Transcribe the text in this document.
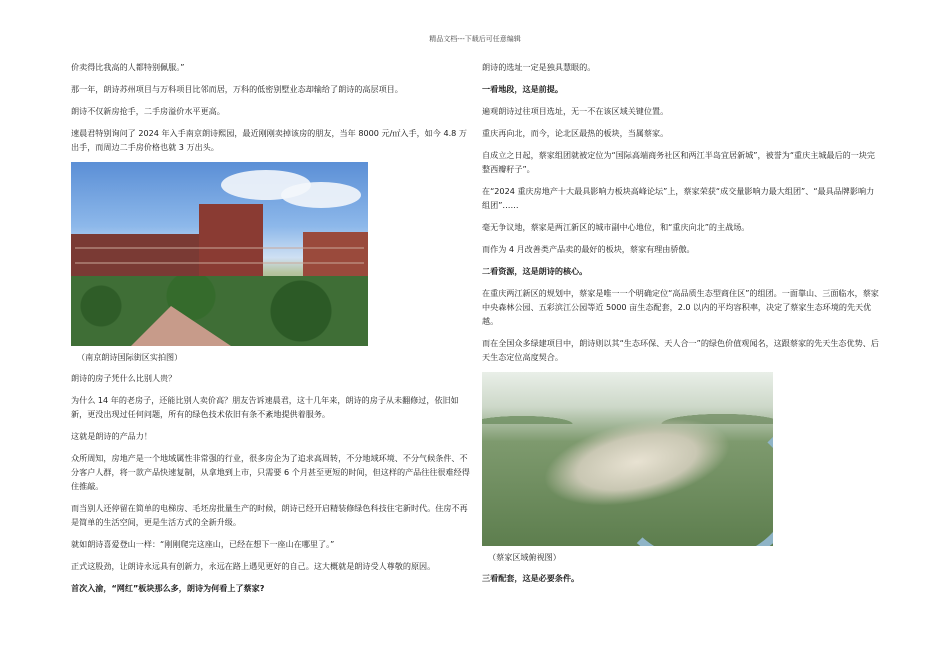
精品文档---下载后可任意编辑

价卖得比我高的人都特别佩服。”

那一年，朗诗苏州项目与万科项目比邻而居，万科的低密别墅业态却输给了朗诗的高层项目。

朗诗不仅新房抢手，二手房溢价水平更高。

速晨君特别询问了 2024 年入手南京朗诗熙园，最近刚刚卖掉该房的朋友，当年 8000 元/㎡入手，如今 4.8 万出手，而周边二手房价格也就 3 万出头。

（南京朗诗国际街区实拍图）

朗诗的房子凭什么比别人贵？

为什么 14 年的老房子，还能比别人卖价高？朋友告诉速晨君，这十几年来，朗诗的房子从未翻修过，依旧如新，更没出现过任何问题，所有的绿色技术依旧有条不紊地提供着服务。

这就是朗诗的产品力！

众所周知，房地产是一个地域属性非常强的行业，很多房企为了追求高周转，不分地域环境、不分气候条件、不分客户人群，将一款产品快速复制，从拿地到上市，只需要 6 个月甚至更短的时间，但这样的产品往往很难经得住推敲。

而当别人还停留在简单的电梯房、毛坯房批量生产的时候，朗诗已经开启精装修绿色科技住宅新时代。住房不再是简单的生活空间，更是生活方式的全新升级。

就如朗诗喜爱登山一样：“刚刚爬完这座山，已经在想下一座山在哪里了。”

正式这股劲，让朗诗永远具有创新力，永远在路上遇见更好的自己。这大概就是朗诗受人尊敬的原因。

首次入渝，“网红”板块那么多，朗诗为何看上了蔡家?

朗诗的选址一定是独具慧眼的。

一看地段，这是前提。

遍观朗诗过往项目选址，无一不在该区域关键位置。

重庆再向北，而今，论北区最热的板块，当属蔡家。

自成立之日起，蔡家组团就被定位为“国际高端商务社区和两江半岛宜居新城”，被誉为“重庆主城最后的一块完整西瓣籽子”。

在“2024 重庆房地产十大最具影响力板块高峰论坛”上，蔡家荣获“成交量影响力最大组团”、“最具品牌影响力组团”……

毫无争议地，蔡家是两江新区的城市副中心地位，和“重庆向北”的主战场。

而作为 4 月改善类产品卖的最好的板块，蔡家有理由骄傲。

二看资源，这是朗诗的核心。

在重庆两江新区的规划中，蔡家是唯一一个明确定位“高品质生态型商住区”的组团。一面靠山、三面临水，蔡家中央森林公园、五彩滨江公园等近 5000 亩生态配套，2.0 以内的平均容积率，决定了蔡家生态环境的先天优越。

而在全国众多绿建项目中，朗诗则以其“生态环保、天人合一”的绿色价值观闻名，这跟蔡家的先天生态优势、后天生态定位高度契合。

（蔡家区域俯视图）

三看配套，这是必要条件。
